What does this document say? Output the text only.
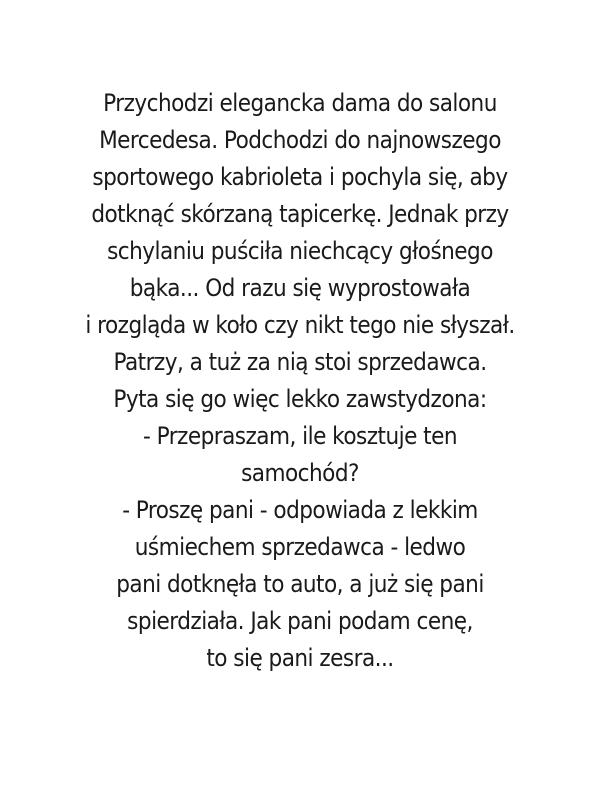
Przychodzi elegancka dama do salonu
Mercedesa. Podchodzi do najnowszego
sportowego kabrioleta i pochyla się, aby
dotknąć skórzaną tapicerkę. Jednak przy
schylaniu puściła niechcący głośnego
bąka... Od razu się wyprostowała
i rozgląda w koło czy nikt tego nie słyszał.
Patrzy, a tuż za nią stoi sprzedawca.
Pyta się go więc lekko zawstydzona:
- Przepraszam, ile kosztuje ten
samochód?
- Proszę pani - odpowiada z lekkim
uśmiechem sprzedawca - ledwo
pani dotknęła to auto, a już się pani
spierdziała. Jak pani podam cenę,
to się pani zesra...
